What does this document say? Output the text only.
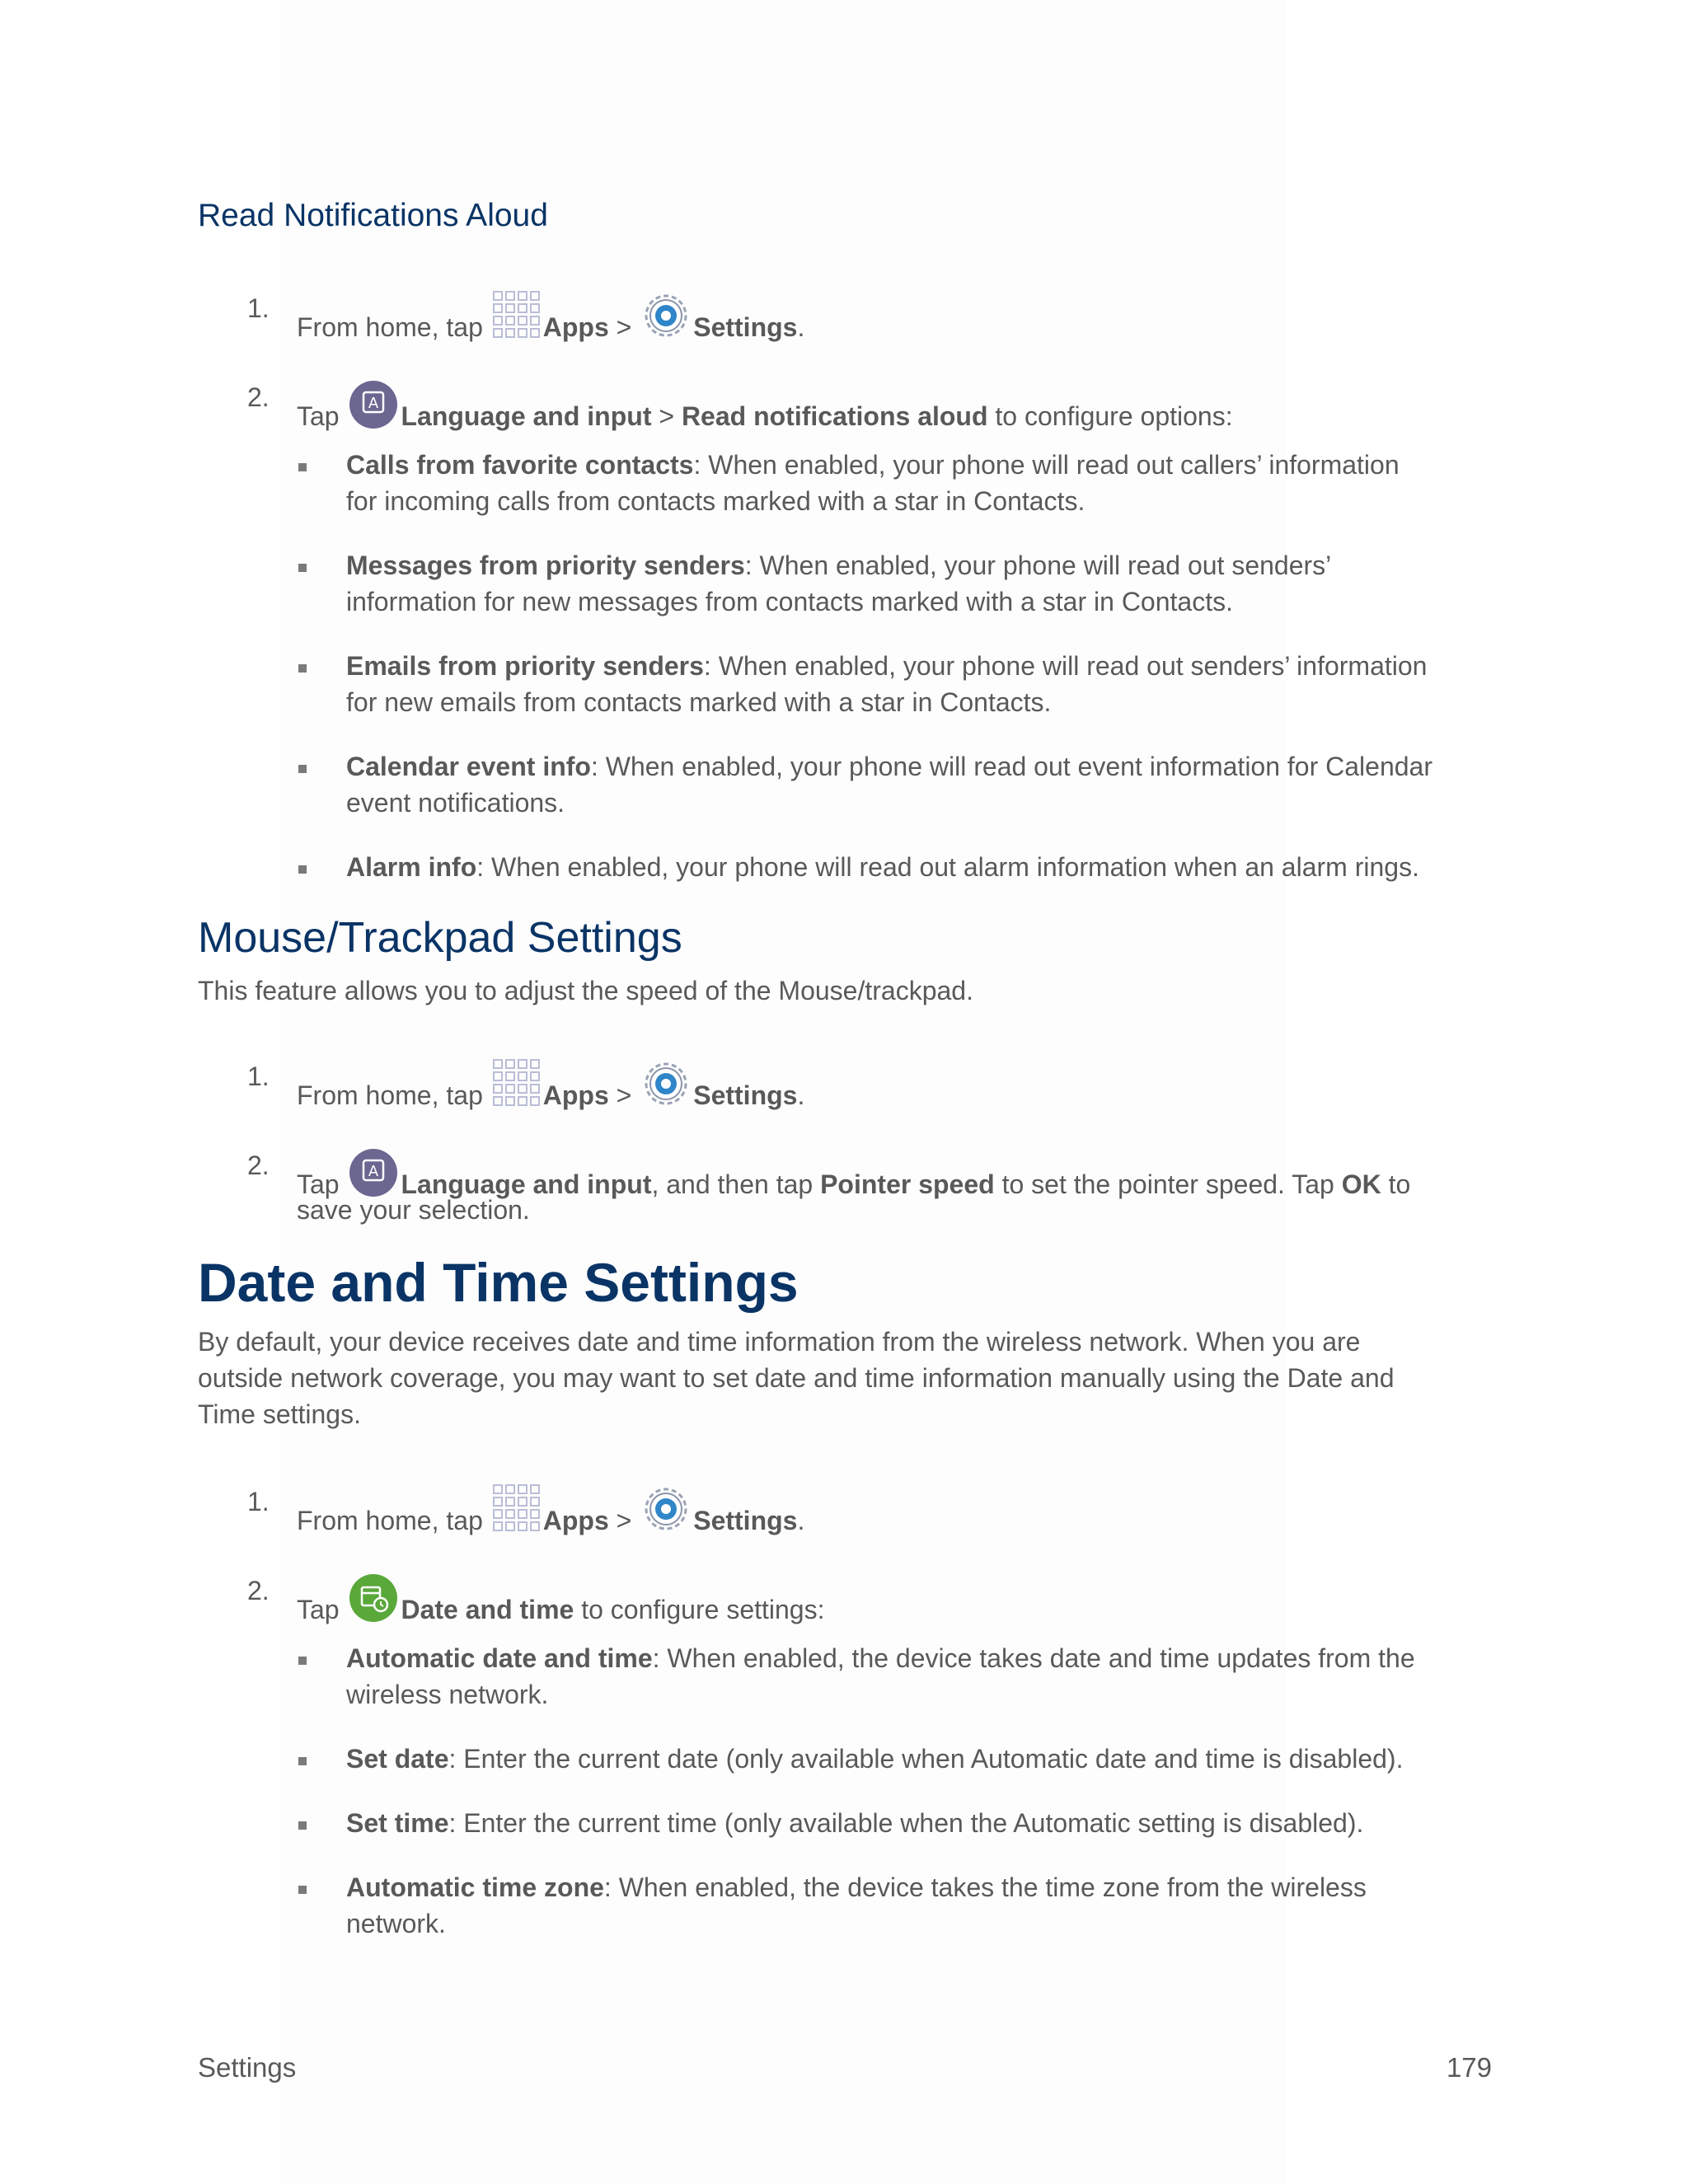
Read Notifications Aloud
1.
From home, tap Apps > Settings.
2.
Tap A Language and input > Read notifications aloud to configure options:
Calls from favorite contacts: When enabled, your phone will read out callers’ information
for incoming calls from contacts marked with a star in Contacts.
Messages from priority senders: When enabled, your phone will read out senders’
information for new messages from contacts marked with a star in Contacts.
Emails from priority senders: When enabled, your phone will read out senders’ information
for new emails from contacts marked with a star in Contacts.
Calendar event info: When enabled, your phone will read out event information for Calendar
event notifications.
Alarm info: When enabled, your phone will read out alarm information when an alarm rings.
Mouse/Trackpad Settings

This feature allows you to adjust the speed of the Mouse/trackpad.

1.
From home, tap Apps > Settings.
2.
Tap A Language and input, and then tap Pointer speed to set the pointer speed. Tap OK to
save your selection.
Date and Time Settings
By default, your device receives date and time information from the wireless network. When you are
outside network coverage, you may want to set date and time information manually using the Date and
Time settings.
1.
From home, tap Apps > Settings.
2.
Tap Date and time to configure settings:
Automatic date and time: When enabled, the device takes date and time updates from the
wireless network.
Set date: Enter the current date (only available when Automatic date and time is disabled).
Set time: Enter the current time (only available when the Automatic setting is disabled).
Automatic time zone: When enabled, the device takes the time zone from the wireless
network.
Settings	179
